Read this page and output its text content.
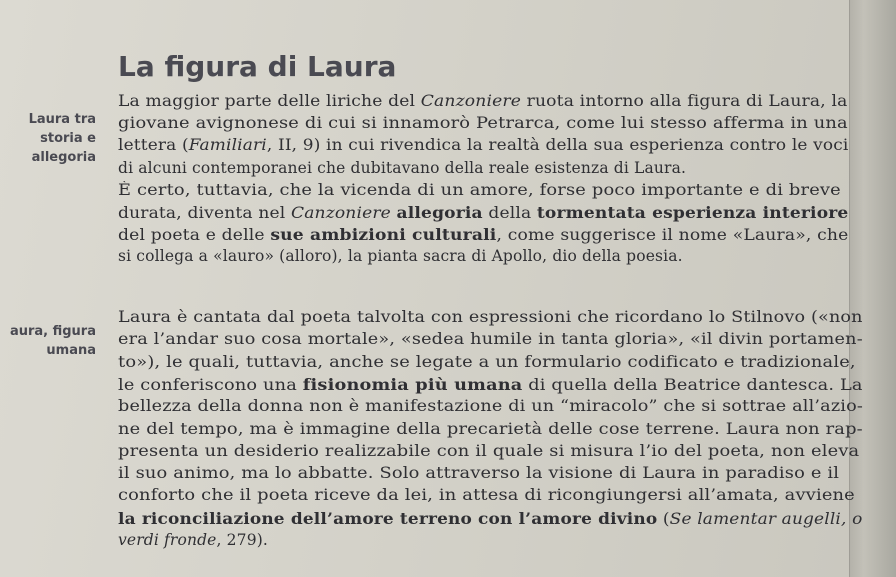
La figura di Laura
Laura tra
storia e
allegoria
aura, figura
umana
La maggior parte delle liriche del Canzoniere ruota intorno alla figura di Laura, la
giovane avignonese di cui si innamorò Petrarca, come lui stesso afferma in una
lettera (Familiari, II, 9) in cui rivendica la realtà della sua esperienza contro le voci
di alcuni contemporanei che dubitavano della reale esistenza di Laura.
È certo, tuttavia, che la vicenda di un amore, forse poco importante e di breve
durata, diventa nel Canzoniere allegoria della tormentata esperienza interiore
del poeta e delle sue ambizioni culturali, come suggerisce il nome «Laura», che
si collega a «lauro» (alloro), la pianta sacra di Apollo, dio della poesia.
Laura è cantata dal poeta talvolta con espressioni che ricordano lo Stilnovo («non
era l’andar suo cosa mortale», «sedea humile in tanta gloria», «il divin portamen-
to»), le quali, tuttavia, anche se legate a un formulario codificato e tradizionale,
le conferiscono una fisionomia più umana di quella della Beatrice dantesca. La
bellezza della donna non è manifestazione di un “miracolo” che si sottrae all’azio-
ne del tempo, ma è immagine della precarietà delle cose terrene. Laura non rap-
presenta un desiderio realizzabile con il quale si misura l’io del poeta, non eleva
il suo animo, ma lo abbatte. Solo attraverso la visione di Laura in paradiso e il
conforto che il poeta riceve da lei, in attesa di ricongiungersi all’amata, avviene
la riconciliazione dell’amore terreno con l’amore divino (Se lamentar augelli, o
verdi fronde, 279).
